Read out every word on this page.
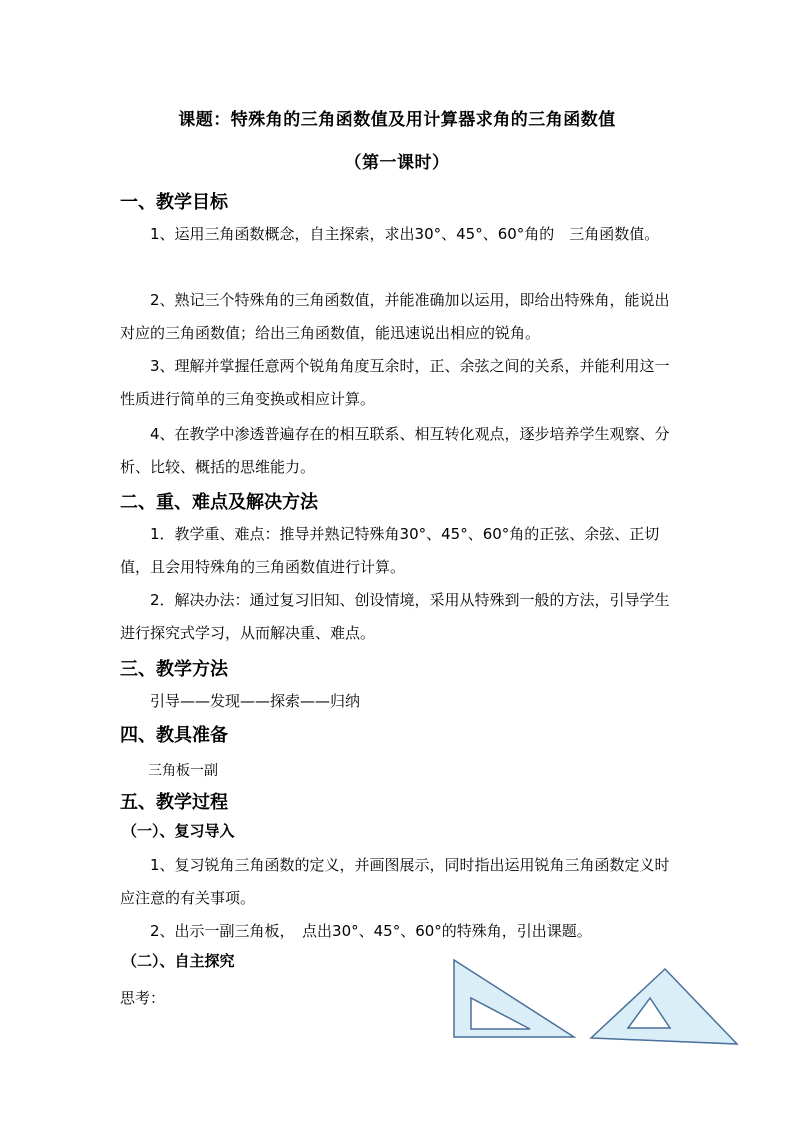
课题：特殊角的三角函数值及用计算器求角的三角函数值
（第一课时）
一、教学目标
1、运用三角函数概念，自主探索，求出30°、45°、60°角的　三角函数值。
2、熟记三个特殊角的三角函数值，并能准确加以运用，即给出特殊角，能说出对应的三角函数值；给出三角函数值，能迅速说出相应的锐角。
3、理解并掌握任意两个锐角角度互余时，正、余弦之间的关系，并能利用这一性质进行简单的三角变换或相应计算。
4、在教学中渗透普遍存在的相互联系、相互转化观点，逐步培养学生观察、分析、比较、概括的思维能力。
二、重、难点及解决方法
1．教学重、难点：推导并熟记特殊角30°、45°、60°角的正弦、余弦、正切值，且会用特殊角的三角函数值进行计算。
2．解决办法：通过复习旧知、创设情境，采用从特殊到一般的方法，引导学生进行探究式学习，从而解决重、难点。
三、教学方法
引导——发现——探索——归纳
四、教具准备
三角板一副
五、教学过程
（一）、复习导入
1、复习锐角三角函数的定义，并画图展示，同时指出运用锐角三角函数定义时应注意的有关事项。
2、出示一副三角板，　点出30°、45°、60°的特殊角，引出课题。
（二）、自主探究
思考：
